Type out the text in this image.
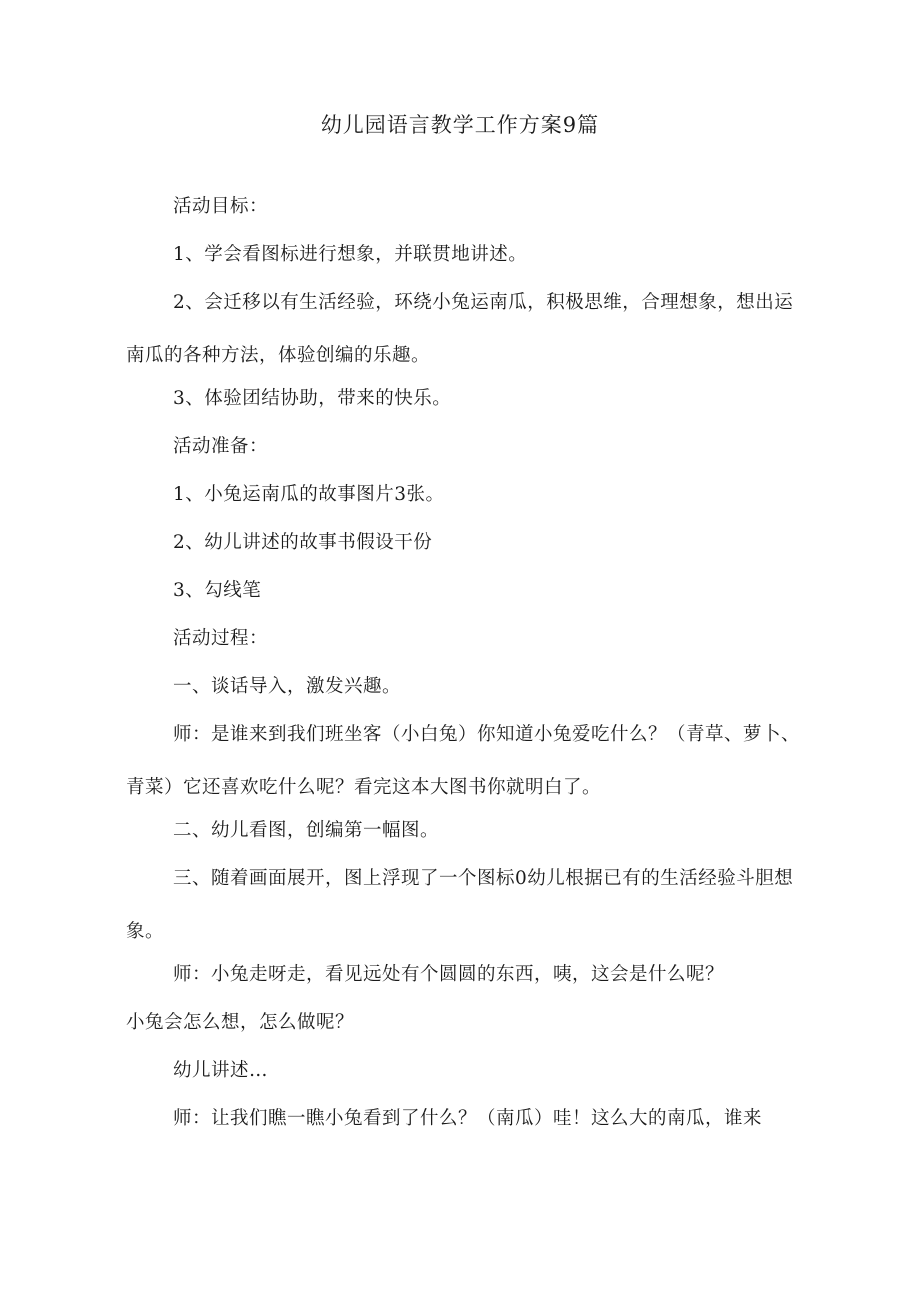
幼儿园语言教学工作方案9篇

活动目标：

1、学会看图标进行想象，并联贯地讲述。

2、会迁移以有生活经验，环绕小兔运南瓜，积极思维，合理想象，想出运南瓜的各种方法，体验创编的乐趣。

3、体验团结协助，带来的快乐。

活动准备：

1、小兔运南瓜的故事图片3张。

2、幼儿讲述的故事书假设干份

3、勾线笔

活动过程：

一、谈话导入，激发兴趣。

师：是谁来到我们班坐客（小白兔）你知道小兔爱吃什么？（青草、萝卜、青菜）它还喜欢吃什么呢？看完这本大图书你就明白了。

二、幼儿看图，创编第一幅图。

三、随着画面展开，图上浮现了一个图标0幼儿根据已有的生活经验斗胆想象。

师：小兔走呀走，看见远处有个圆圆的东西，咦，这会是什么呢？

小兔会怎么想，怎么做呢？

幼儿讲述…

师：让我们瞧一瞧小兔看到了什么？（南瓜）哇！这么大的南瓜，谁来
